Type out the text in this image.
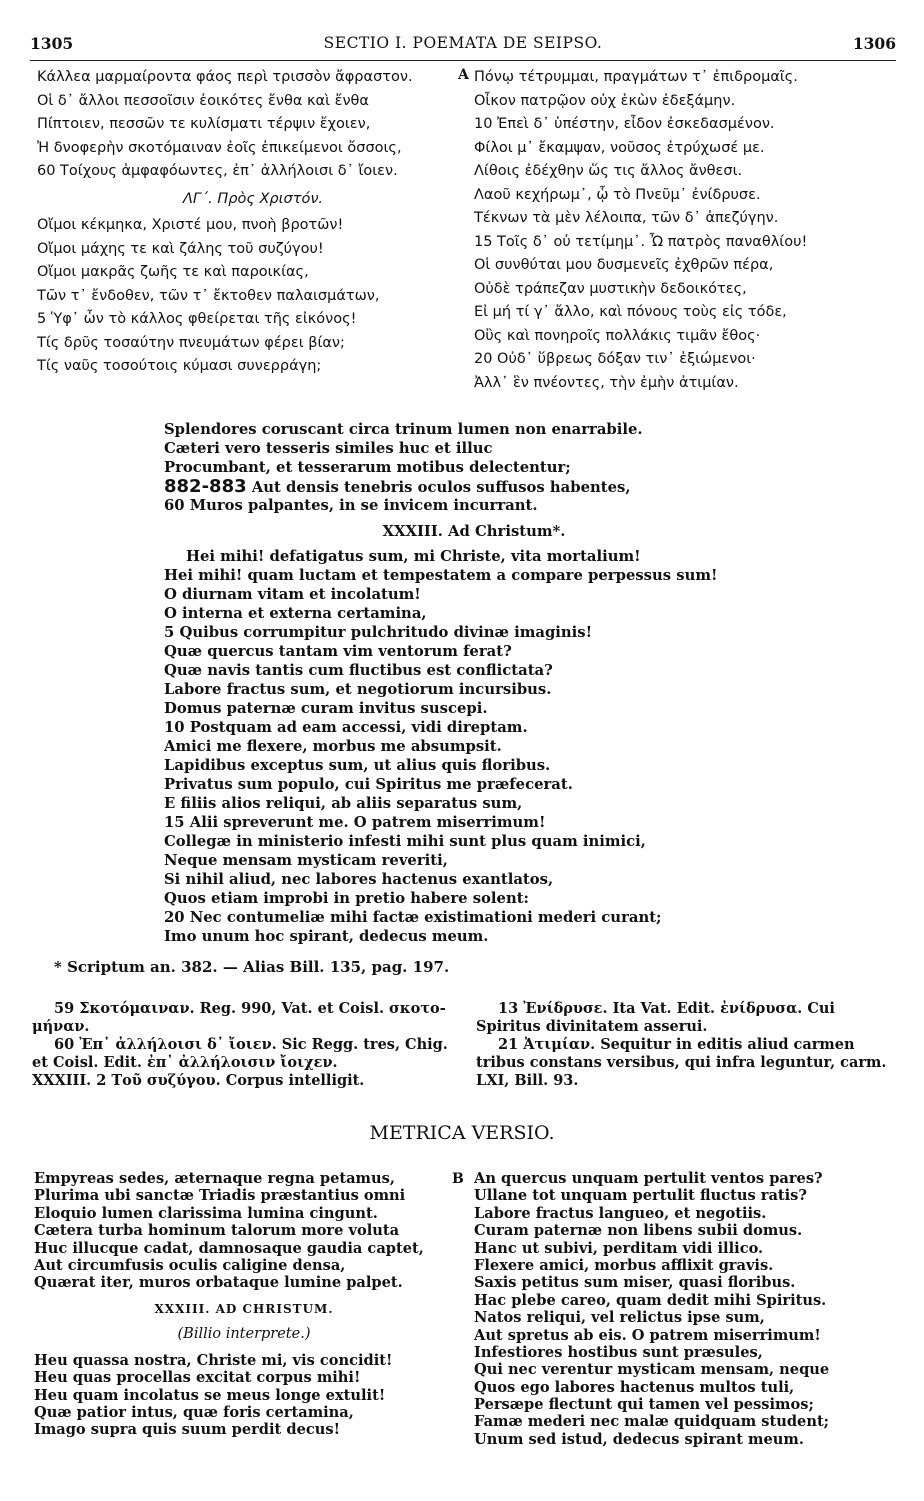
1305	SECTIO I. POEMATA DE SEIPSO.	1306
Κάλλεα μαρμαίροντα φάος περὶ τρισσὸν ἄφραστον.
Οἱ δ᾽ ἄλλοι πεσσοῖσιν ἐοικότες ἔνθα καὶ ἔνθα
Πίπτοιεν, πεσσῶν τε κυλίσματι τέρψιν ἔχοιεν,
Ἠ δνοφερὴν σκοτόμαιναν ἐοῖς ἐπικείμενοι ὄσσοις,
60 Τοίχους ἀμφαφόωντες, ἐπ᾽ ἀλλήλοισι δ᾽ ἴοιεν.
ΛΓ΄. Πρὸς Χριστόν.
Οἴμοι κέκμηκα, Χριστέ μου, πνοὴ βροτῶν!
Οἴμοι μάχης τε καὶ ζάλης τοῦ συζύγου!
Οἴμοι μακρᾶς ζωῆς τε καὶ παροικίας,
Τῶν τ᾽ ἔνδοθεν, τῶν τ᾽ ἔκτοθεν παλαισμάτων,
5 Ὑφ᾽ ὧν τὸ κάλλος φθείρεται τῆς εἰκόνος!
Τίς δρῦς τοσαύτην πνευμάτων φέρει βίαν;
Τίς ναῦς τοσούτοις κύμασι συνερράγη;
A Πόνῳ τέτρυμμαι, πραγμάτων τ᾽ ἐπιδρομαῖς.
Οἶκον πατρῷον οὐχ ἑκὼν ἐδεξάμην.
10 Ἐπεὶ δ᾽ ὑπέστην, εἶδον ἐσκεδασμένον.
Φίλοι μ᾽ ἔκαμψαν, νοῦσος ἐτρύχωσέ με.
Λίθοις ἐδέχθην ὥς τις ἄλλος ἄνθεσι.
Λαοῦ κεχήρωμ᾽, ᾧ τὸ Πνεῦμ᾽ ἐνίδρυσε.
Τέκνων τὰ μὲν λέλοιπα, τῶν δ᾽ ἀπεζύγην.
15 Τοῖς δ᾽ οὐ τετίμημ᾽. Ὦ πατρὸς παναθλίου!
Οἱ συνθύται μου δυσμενεῖς ἐχθρῶν πέρα,
Οὐδὲ τράπεζαν μυστικὴν δεδοικότες,
Εἰ μή τί γ᾽ ἄλλο, καὶ πόνους τοὺς εἰς τόδε,
Οὓς καὶ πονηροῖς πολλάκις τιμᾶν ἔθος·
20 Οὐδ᾽ ὕβρεως δόξαν τιν᾽ ἐξιώμενοι·
Ἀλλ᾽ ἓν πνέοντες, τὴν ἐμὴν ἀτιμίαν.
Splendores coruscant circa trinum lumen non enarrabile.
Cæteri vero tesseris similes huc et illuc
Procumbant, et tesserarum motibus delectentur;
882-883 Aut densis tenebris oculos suffusos habentes,
60 Muros palpantes, in se invicem incurrant.
XXXIII. Ad Christum*.
Hei mihi! defatigatus sum, mi Christe, vita mortalium!
Hei mihi! quam luctam et tempestatem a compare perpessus sum!
O diurnam vitam et incolatum!
O interna et externa certamina,
5 Quibus corrumpitur pulchritudo divinæ imaginis!
Quæ quercus tantam vim ventorum ferat?
Quæ navis tantis cum fluctibus est conflictata?
Labore fractus sum, et negotiorum incursibus.
Domus paternæ curam invitus suscepi.
10 Postquam ad eam accessi, vidi direptam.
Amici me flexere, morbus me absumpsit.
Lapidibus exceptus sum, ut alius quis floribus.
Privatus sum populo, cui Spiritus me præfecerat.
E filiis alios reliqui, ab aliis separatus sum,
15 Alii spreverunt me. O patrem miserrimum!
Collegæ in ministerio infesti mihi sunt plus quam inimici,
Neque mensam mysticam reveriti,
Si nihil aliud, nec labores hactenus exantlatos,
Quos etiam improbi in pretio habere solent:
20 Nec contumeliæ mihi factæ existimationi mederi curant;
Imo unum hoc spirant, dedecus meum.
* Scriptum an. 382. — Alias Bill. 135, pag. 197.

59 Σκοτόμαιναν. Reg. 990, Vat. et Coisl. σκοτο-μήναν.

60 Ἐπ᾽ ἀλλήλοισι δ᾽ ἴοιεν. Sic Regg. tres, Chig. et Coisl. Edit. ἐπ᾽ ἀλλήλοισιν ἴοιχεν.

XXXIII. 2 Τοῦ συζύγου. Corpus intelligit.

13 Ἐνίδρυσε. Ita Vat. Edit. ἐνίδρυσα. Cui Spiritus divinitatem asserui.

21 Ἀτιμίαν. Sequitur in editis aliud carmen tribus constans versibus, qui infra leguntur, carm. LXI, Bill. 93.

METRICA VERSIO.
Empyreas sedes, æternaque regna petamus,
Plurima ubi sanctæ Triadis præstantius omni
Eloquio lumen clarissima lumina cingunt.
Cætera turba hominum talorum more voluta
Huc illucque cadat, damnosaque gaudia captet,
Aut circumfusis oculis caligine densa,
Quærat iter, muros orbataque lumine palpet.
XXXIII. AD CHRISTUM.
(Billio interprete.)
Heu quassa nostra, Christe mi, vis concidit!
Heu quas procellas excitat corpus mihi!
Heu quam incolatus se meus longe extulit!
Quæ patior intus, quæ foris certamina,
Imago supra quis suum perdit decus!
B An quercus unquam pertulit ventos pares?
Ullane tot unquam pertulit fluctus ratis?
Labore fractus langueo, et negotiis.
Curam paternæ non libens subii domus.
Hanc ut subivi, perditam vidi illico.
Flexere amici, morbus afflixit gravis.
Saxis petitus sum miser, quasi floribus.
Hac plebe careo, quam dedit mihi Spiritus.
Natos reliqui, vel relictus ipse sum,
Aut spretus ab eis. O patrem miserrimum!
Infestiores hostibus sunt præsules,
Qui nec verentur mysticam mensam, neque
Quos ego labores hactenus multos tuli,
Persæpe flectunt qui tamen vel pessimos;
Famæ mederi nec malæ quidquam student;
Unum sed istud, dedecus spirant meum.
